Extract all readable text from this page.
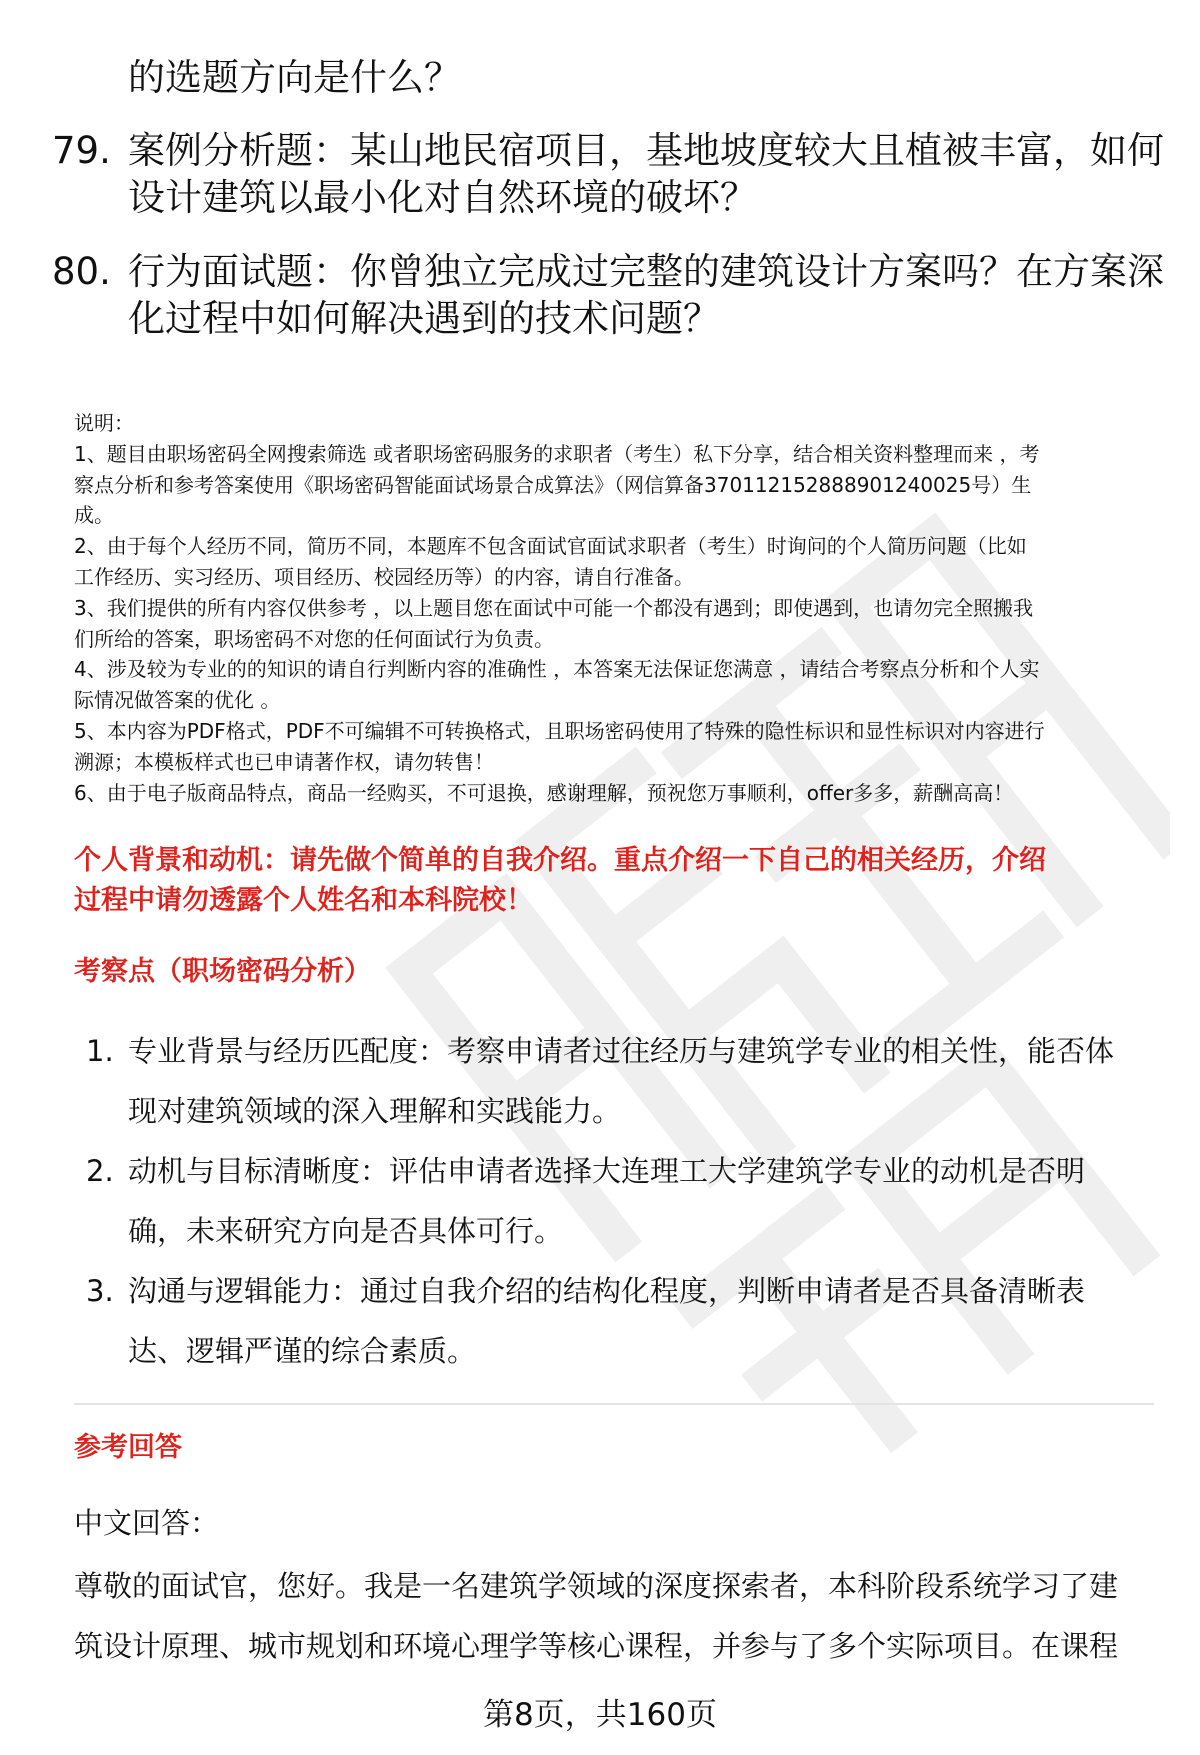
的选题方向是什么？
79. 案例分析题：某山地民宿项目，基地坡度较大且植被丰富，如何
设计建筑以最小化对自然环境的破坏？
80. 行为面试题：你曾独立完成过完整的建筑设计方案吗？在方案深
化过程中如何解决遇到的技术问题？
说明：
1、题目由职场密码全网搜索筛选 或者职场密码服务的求职者（考生）私下分享，结合相关资料整理而来 ，考
察点分析和参考答案使用《职场密码智能面试场景合成算法》（网信算备370112152888901240025号）生
成。
2、由于每个人经历不同，简历不同，本题库不包含面试官面试求职者（考生）时询问的个人简历问题（比如
工作经历、实习经历、项目经历、校园经历等）的内容，请自行准备。
3、我们提供的所有内容仅供参考 ，以上题目您在面试中可能一个都没有遇到；即使遇到，也请勿完全照搬我
们所给的答案，职场密码不对您的任何面试行为负责。
4、涉及较为专业的的知识的请自行判断内容的准确性 ，本答案无法保证您满意 ，请结合考察点分析和个人实
际情况做答案的优化 。
5、本内容为PDF格式，PDF不可编辑不可转换格式，且职场密码使用了特殊的隐性标识和显性标识对内容进行
溯源；本模板样式也已申请著作权，请勿转售！
6、由于电子版商品特点，商品一经购买，不可退换，感谢理解，预祝您万事顺利，offer多多，薪酬高高！
个人背景和动机：请先做个简单的自我介绍。重点介绍一下自己的相关经历，介绍
过程中请勿透露个人姓名和本科院校！
考察点（职场密码分析）
1. 专业背景与经历匹配度：考察申请者过往经历与建筑学专业的相关性，能否体
现对建筑领域的深入理解和实践能力。
2. 动机与目标清晰度：评估申请者选择大连理工大学建筑学专业的动机是否明
确，未来研究方向是否具体可行。
3. 沟通与逻辑能力：通过自我介绍的结构化程度，判断申请者是否具备清晰表
达、逻辑严谨的综合素质。
参考回答
中文回答：
尊敬的面试官，您好。我是一名建筑学领域的深度探索者，本科阶段系统学习了建
筑设计原理、城市规划和环境心理学等核心课程，并参与了多个实际项目。在课程
第8页，共160页
